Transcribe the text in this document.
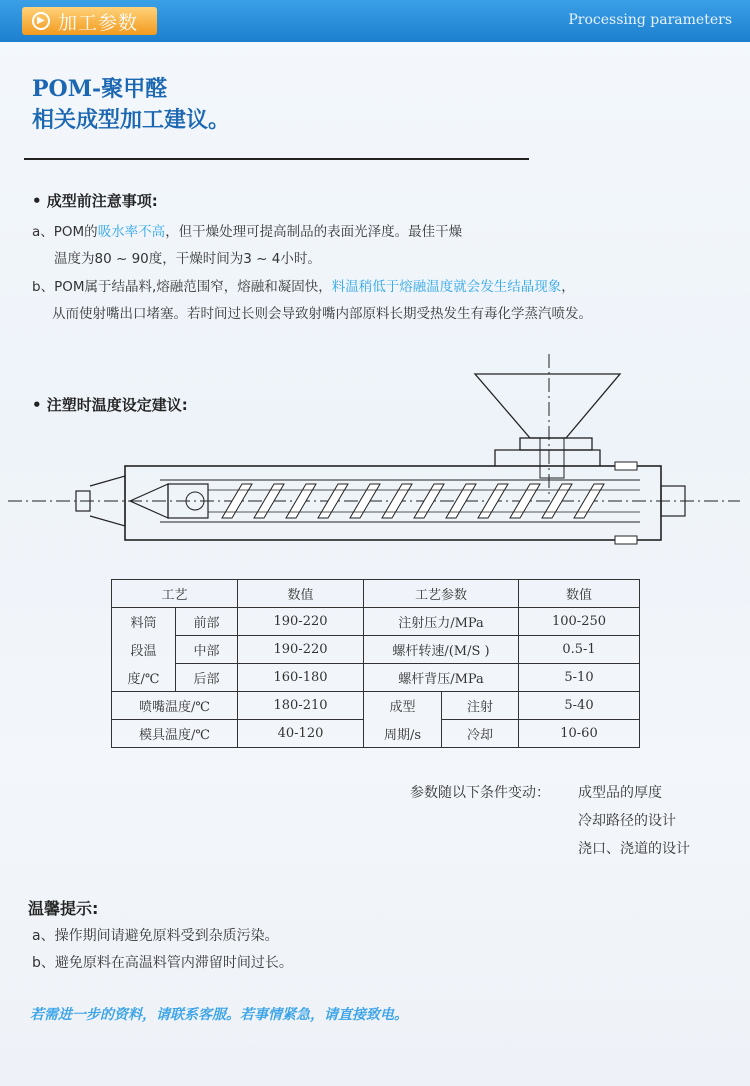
▶ 加工参数	Processing parameters
POM-聚甲醛
相关成型加工建议。
• 成型前注意事项:
a、POM的吸水率不高，但干燥处理可提高制品的表面光泽度。最佳干燥
温度为80 ~ 90度，干燥时间为3 ~ 4小时。
b、POM属于结晶料,熔融范围窄，熔融和凝固快，料温稍低于熔融温度就会发生结晶现象，
从而使射嘴出口堵塞。若时间过长则会导致射嘴内部原料长期受热发生有毒化学蒸汽喷发。
• 注塑时温度设定建议:
工艺		数值	工艺参数		数值
料筒	前部	190-220	注射压力/MPa		100-250
段温	中部	190-220	螺杆转速/(M/S )		0.5-1
度/℃	后部	160-180	螺杆背压/MPa		5-10
喷嘴温度/℃		180-210	成型	注射	5-40
模具温度/℃		40-120	周期/s	冷却	10-60
参数随以下条件变动： 成型品的厚度
冷却路径的设计
浇口、浇道的设计
温馨提示:
a、操作期间请避免原料受到杂质污染。
b、避免原料在高温料管内滞留时间过长。
若需进一步的资料，请联系客服。若事情紧急，请直接致电。
